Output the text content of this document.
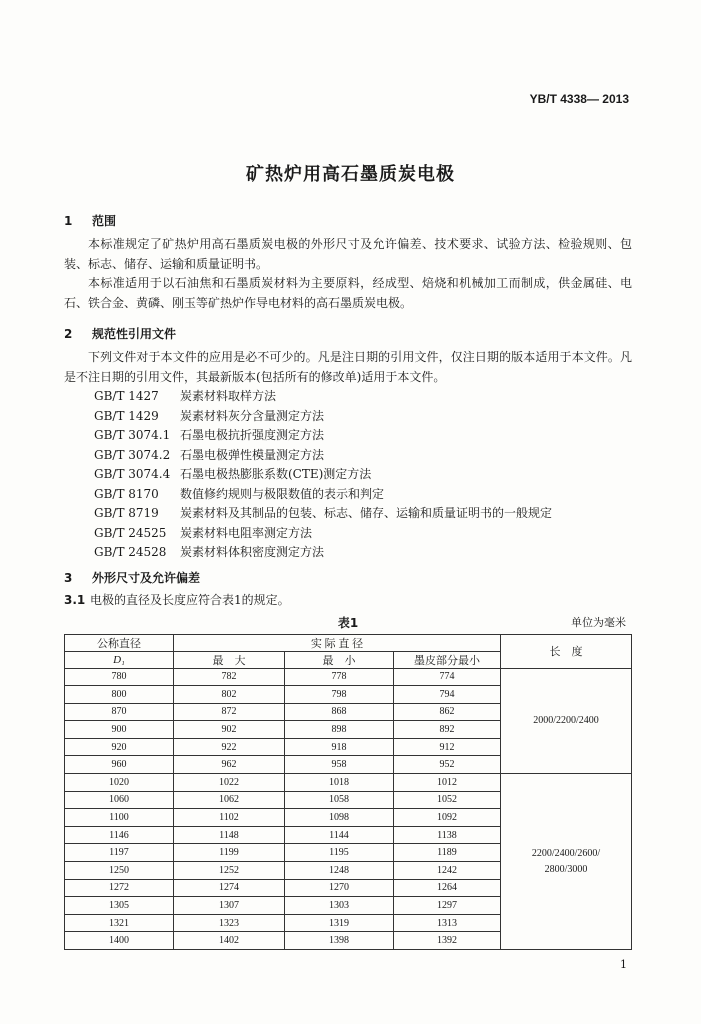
YB/T 4338— 2013
矿热炉用高石墨质炭电极
1 范围

本标准规定了矿热炉用高石墨质炭电极的外形尺寸及允许偏差、技术要求、试验方法、检验规则、包装、标志、储存、运输和质量证明书。

本标准适用于以石油焦和石墨质炭材料为主要原料，经成型、焙烧和机械加工而制成，供金属硅、电石、铁合金、黄磷、刚玉等矿热炉作导电材料的高石墨质炭电极。

2 规范性引用文件

下列文件对于本文件的应用是必不可少的。凡是注日期的引用文件，仅注日期的版本适用于本文件。凡是不注日期的引用文件，其最新版本(包括所有的修改单)适用于本文件。

GB/T 1427 炭素材料取样方法
GB/T 1429 炭素材料灰分含量测定方法
GB/T 3074.1 石墨电极抗折强度测定方法
GB/T 3074.2 石墨电极弹性模量测定方法
GB/T 3074.4 石墨电极热膨胀系数(CTE)测定方法
GB/T 8170 数值修约规则与极限数值的表示和判定
GB/T 8719 炭素材料及其制品的包装、标志、储存、运输和质量证明书的一般规定
GB/T 24525 炭素材料电阻率测定方法
GB/T 24528 炭素材料体积密度测定方法
3 外形尺寸及允许偏差

3.1 电极的直径及长度应符合表1的规定。

表1	单位为毫米
公称直径	实 际 直 径			长　度
D₁	最　大	最　小	墨皮部分最小	
780	782	778	774	2000/2200/2400

800	802	798	794	
870	872	868	862	
900	902	898	892	
920	922	918	912	
960	962	958	952	
1020	1022	1018	1012	2200/2400/2600/
2800/3000

1060	1062	1058	1052	
1100	1102	1098	1092	
1146	1148	1144	1138	
1197	1199	1195	1189	
1250	1252	1248	1242	
1272	1274	1270	1264	
1305	1307	1303	1297	
1321	1323	1319	1313	
1400	1402	1398	1392	
1
